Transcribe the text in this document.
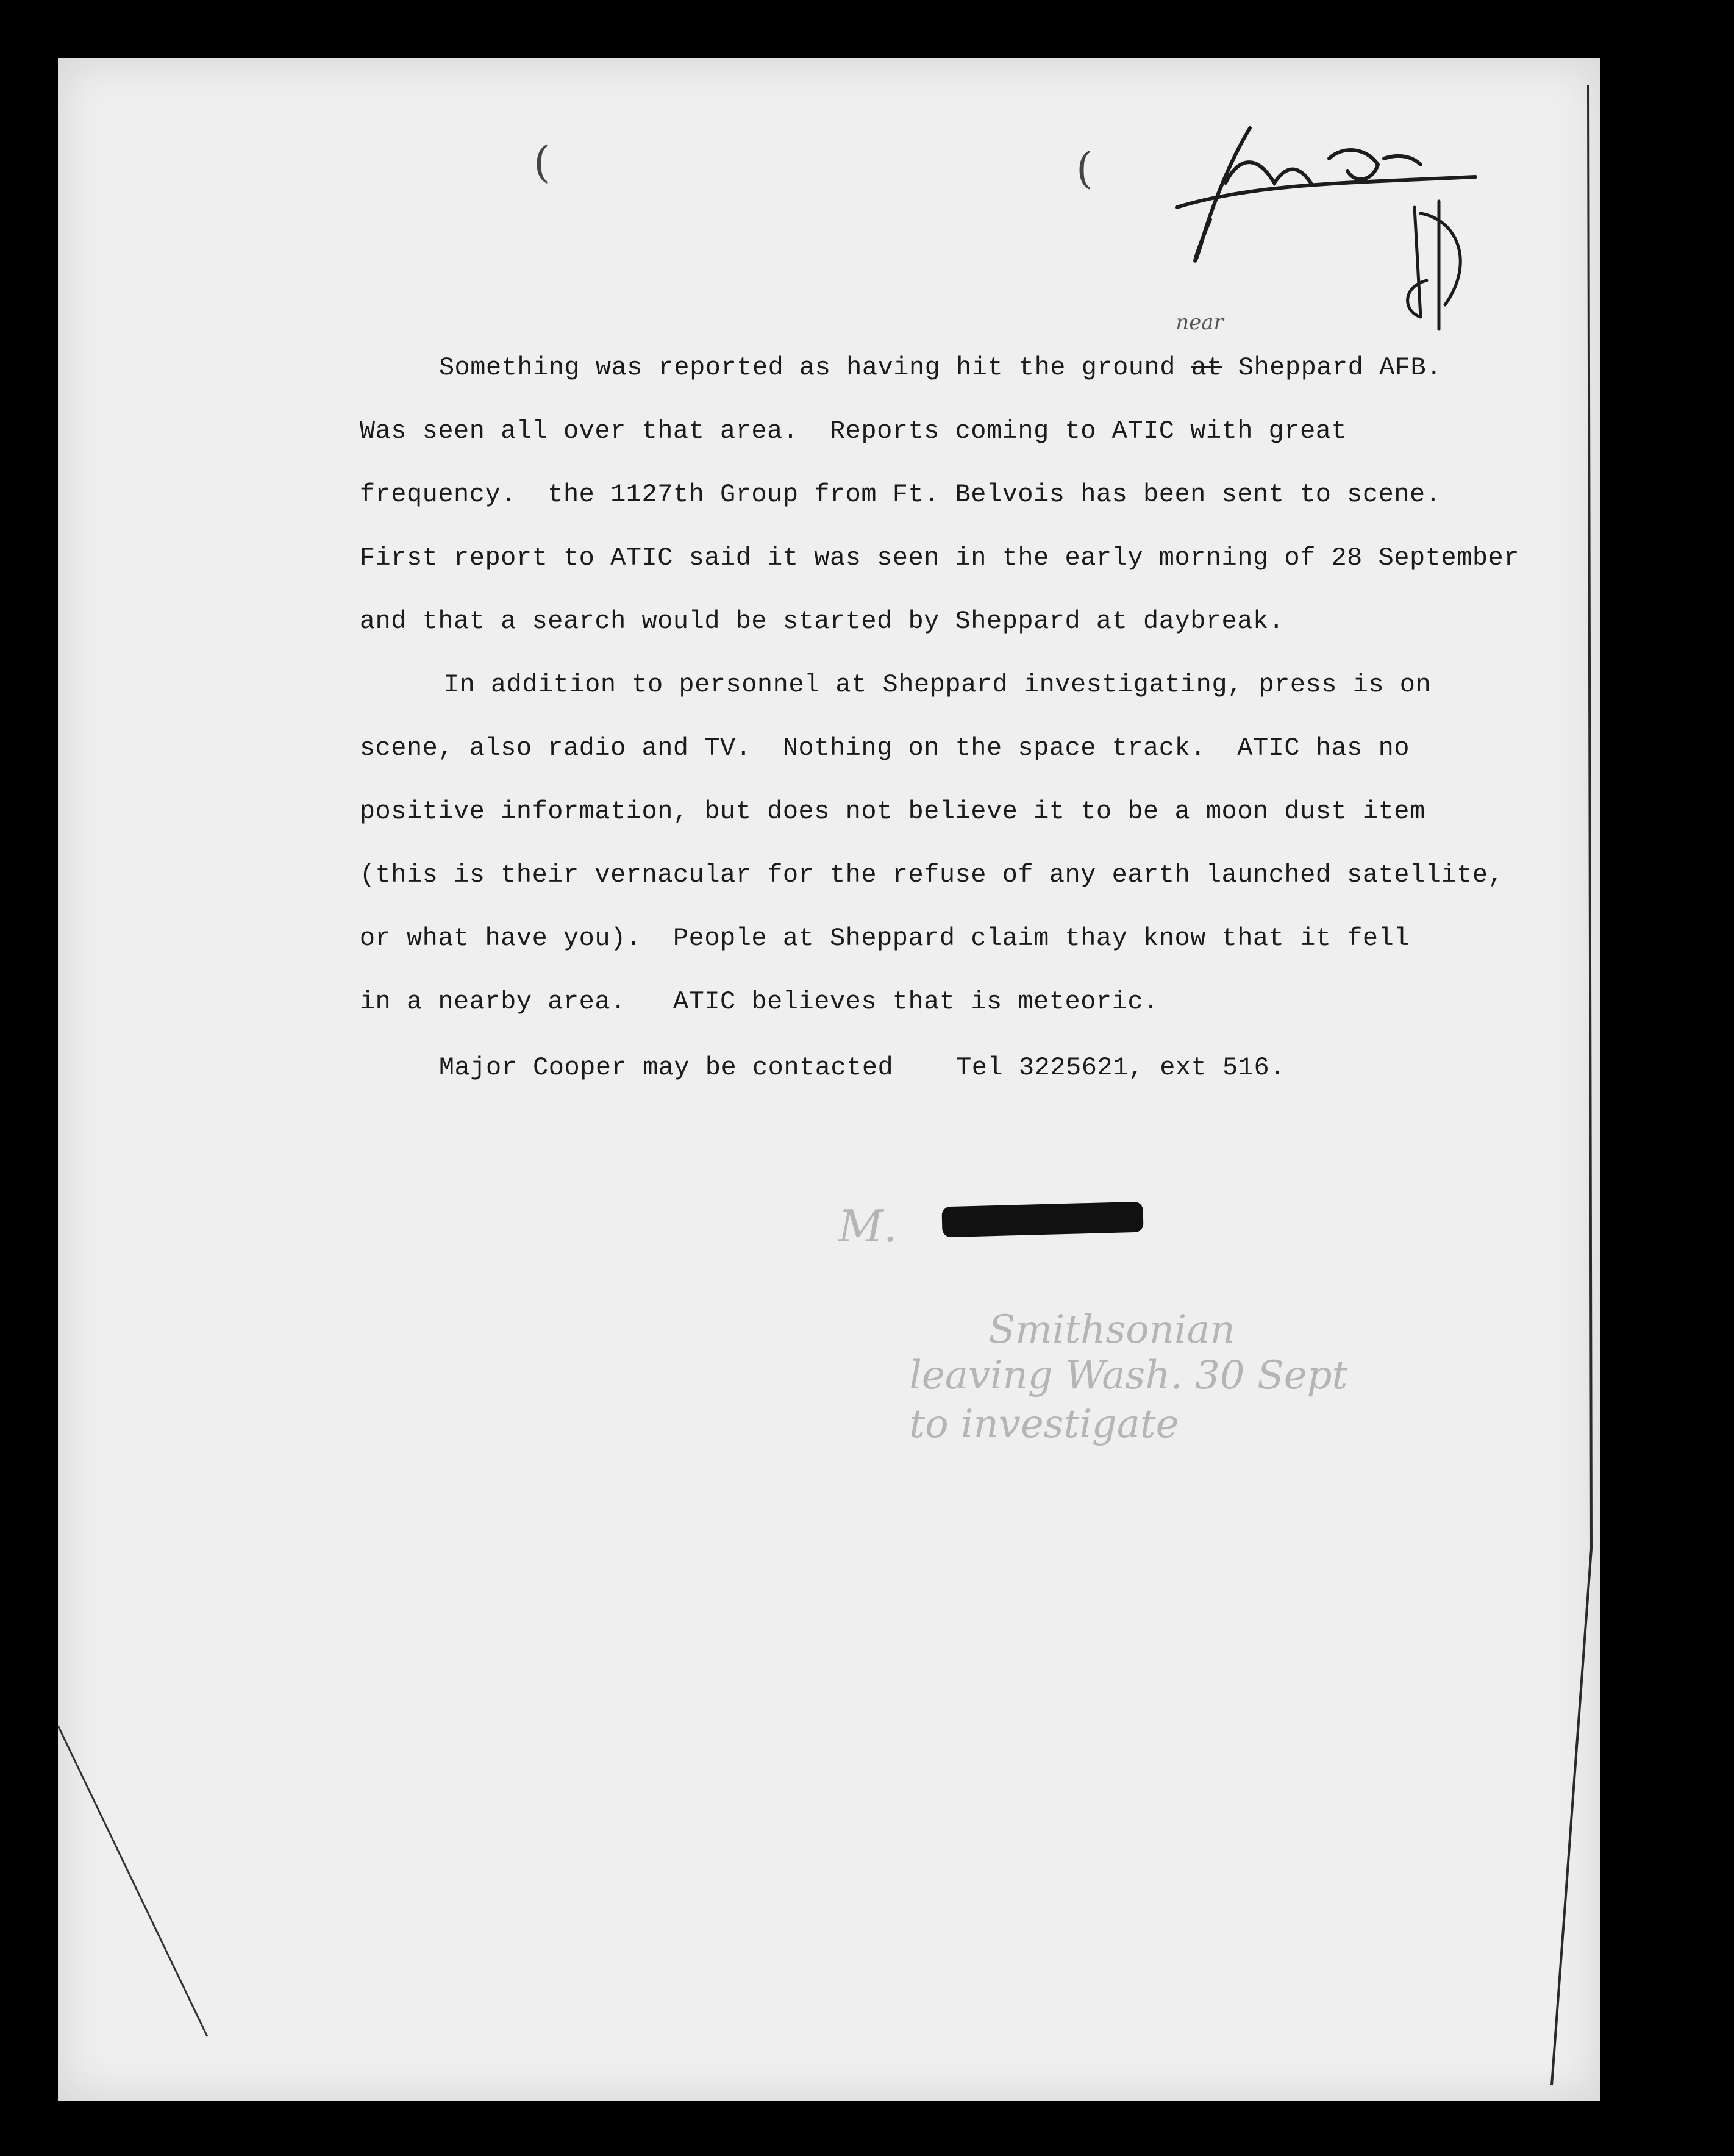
(	(

near

Something was reported as having hit the ground at Sheppard AFB.

Was seen all over that area.  Reports coming to ATIC with great

frequency.  the 1127th Group from Ft. Belvois has been sent to scene.

First report to ATIC said it was seen in the early morning of 28 September

and that a search would be started by Sheppard at daybreak.

In addition to personnel at Sheppard investigating, press is on

scene, also radio and TV.  Nothing on the space track.  ATIC has no

positive information, but does not believe it to be a moon dust item

(this is their vernacular for the refuse of any earth launched satellite,

or what have you).  People at Sheppard claim thay know that it fell

in a nearby area.   ATIC believes that is meteoric.

Major Cooper may be contacted    Tel 3225621, ext 516.

M.

Smithsonian

leaving Wash. 30 Sept

to investigate
